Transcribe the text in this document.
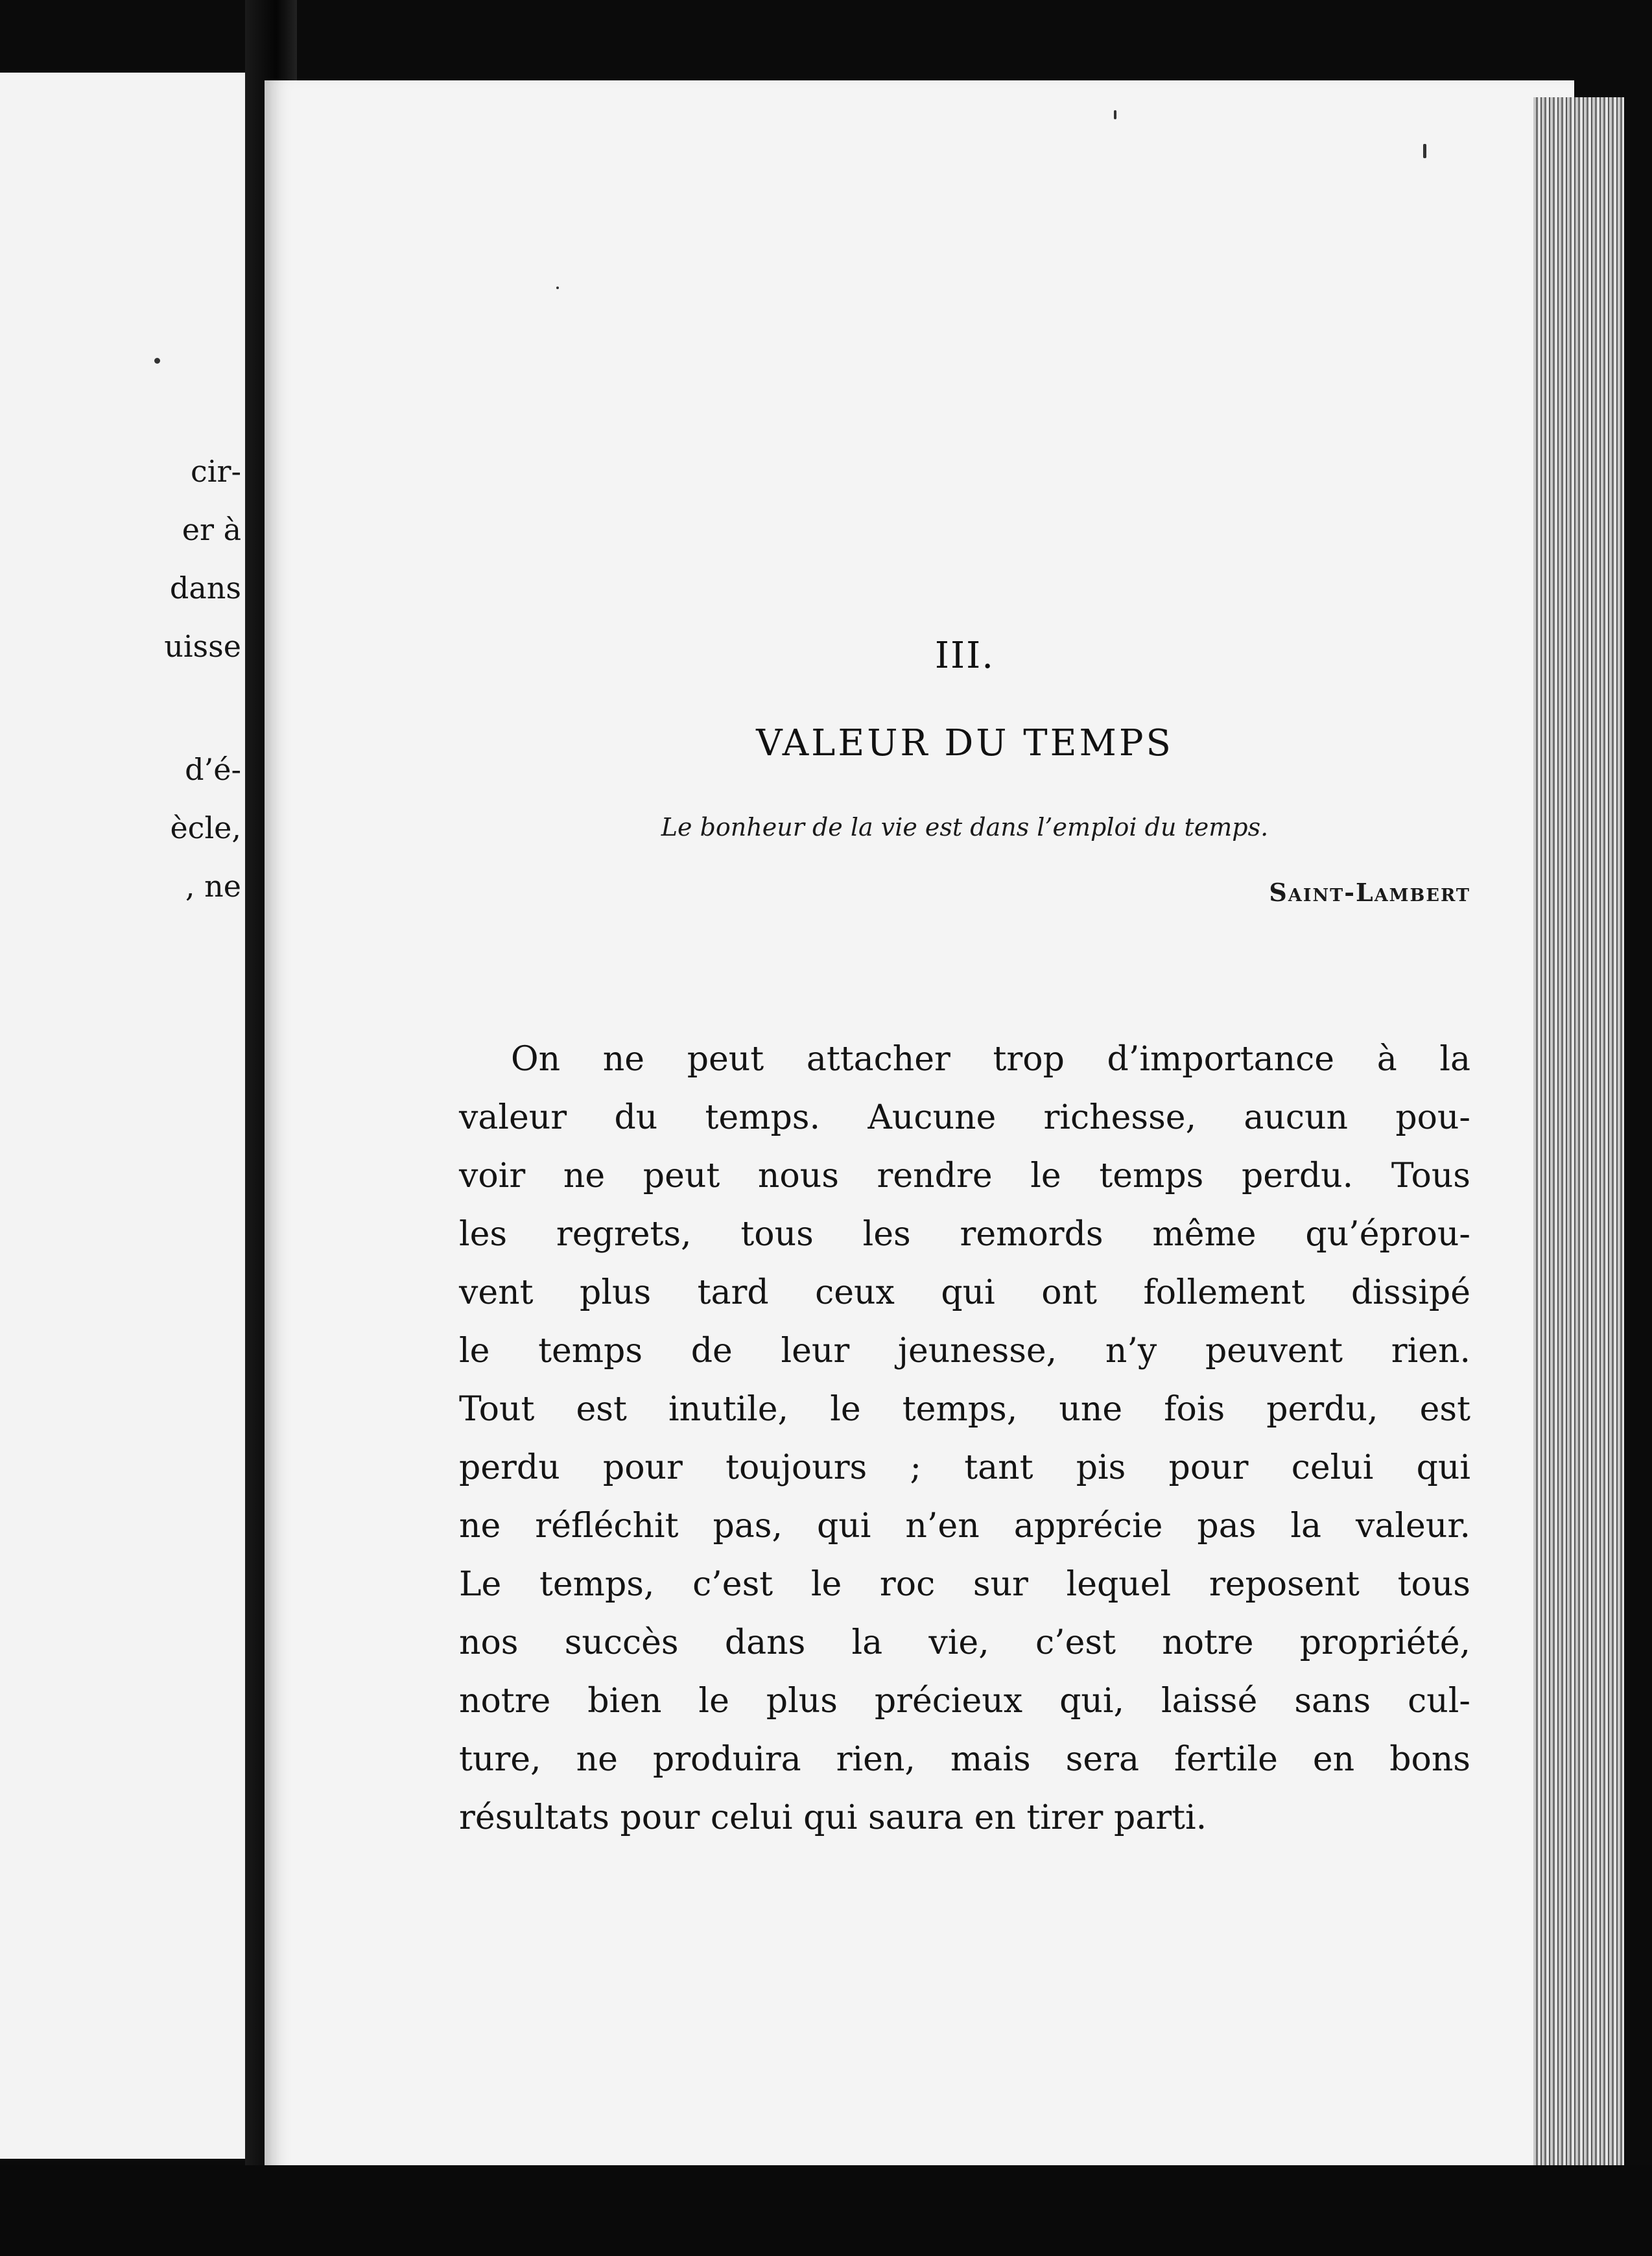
cir-
er à
dans
uisse
d’é-
ècle,
, ne
III.
VALEUR DU TEMPS
Le bonheur de la vie est dans l’emploi du temps.
Saint-Lambert
On ne peut attacher trop d’importance à la
valeur du temps. Aucune richesse, aucun pou-
voir ne peut nous rendre le temps perdu. Tous
les regrets, tous les remords même qu’éprou-
vent plus tard ceux qui ont follement dissipé
le temps de leur jeunesse, n’y peuvent rien.
Tout est inutile, le temps, une fois perdu, est
perdu pour toujours ; tant pis pour celui qui
ne réfléchit pas, qui n’en apprécie pas la valeur.
Le temps, c’est le roc sur lequel reposent tous
nos succès dans la vie, c’est notre propriété,
notre bien le plus précieux qui, laissé sans cul-
ture, ne produira rien, mais sera fertile en bons
résultats pour celui qui saura en tirer parti.
